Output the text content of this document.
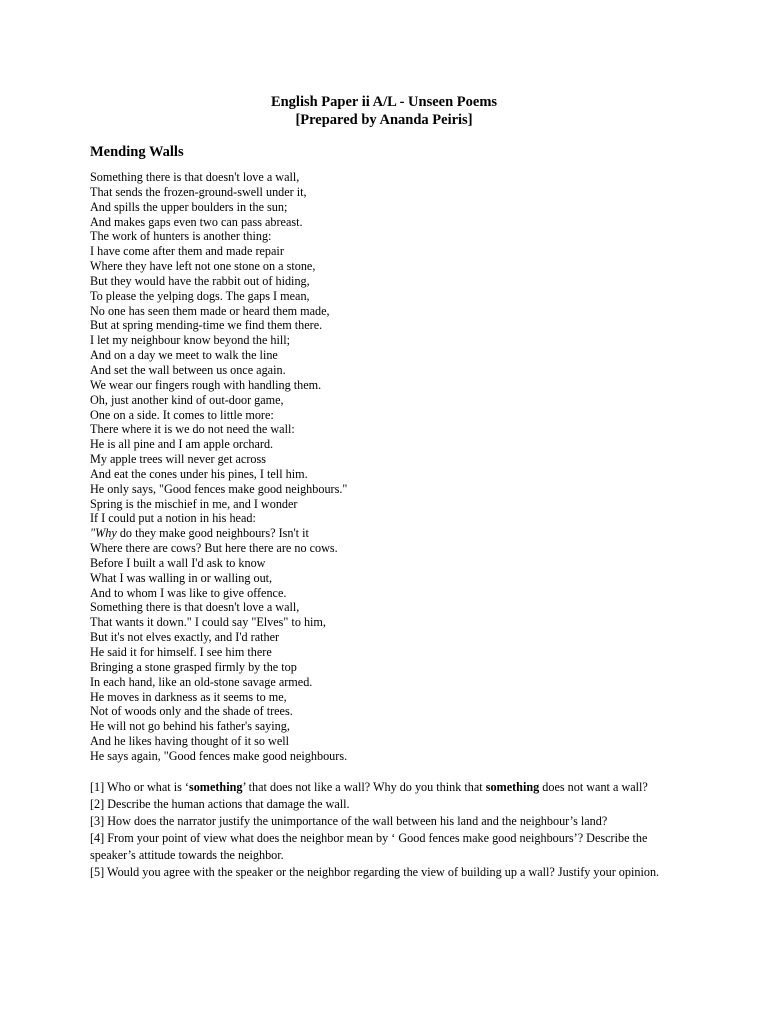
English Paper ii A/L - Unseen Poems
[Prepared by Ananda Peiris]
Mending Walls
Something there is that doesn't love a wall,
That sends the frozen-ground-swell under it,
And spills the upper boulders in the sun;
And makes gaps even two can pass abreast.
The work of hunters is another thing:
I have come after them and made repair
Where they have left not one stone on a stone,
But they would have the rabbit out of hiding,
To please the yelping dogs. The gaps I mean,
No one has seen them made or heard them made,
But at spring mending-time we find them there.
I let my neighbour know beyond the hill;
And on a day we meet to walk the line
And set the wall between us once again.
We wear our fingers rough with handling them.
Oh, just another kind of out-door game,
One on a side. It comes to little more:
There where it is we do not need the wall:
He is all pine and I am apple orchard.
My apple trees will never get across
And eat the cones under his pines, I tell him.
He only says, "Good fences make good neighbours."
Spring is the mischief in me, and I wonder
If I could put a notion in his head:
"Why do they make good neighbours? Isn't it
Where there are cows? But here there are no cows.
Before I built a wall I'd ask to know
What I was walling in or walling out,
And to whom I was like to give offence.
Something there is that doesn't love a wall,
That wants it down." I could say "Elves" to him,
But it's not elves exactly, and I'd rather
He said it for himself. I see him there
Bringing a stone grasped firmly by the top
In each hand, like an old-stone savage armed.
He moves in darkness as it seems to me,
Not of woods only and the shade of trees.
He will not go behind his father's saying,
And he likes having thought of it so well
He says again, "Good fences make good neighbours.
[1] Who or what is ‘something’ that does not like a wall? Why do you think that something does not want a wall?
[2] Describe the human actions that damage the wall.
[3] How does the narrator justify the unimportance of the wall between his land and the neighbour’s land?
[4] From your point of view what does the neighbor mean by ‘ Good fences make good neighbours’? Describe the
speaker’s attitude towards the neighbor.
[5] Would you agree with the speaker or the neighbor regarding the view of building up a wall? Justify your opinion.
